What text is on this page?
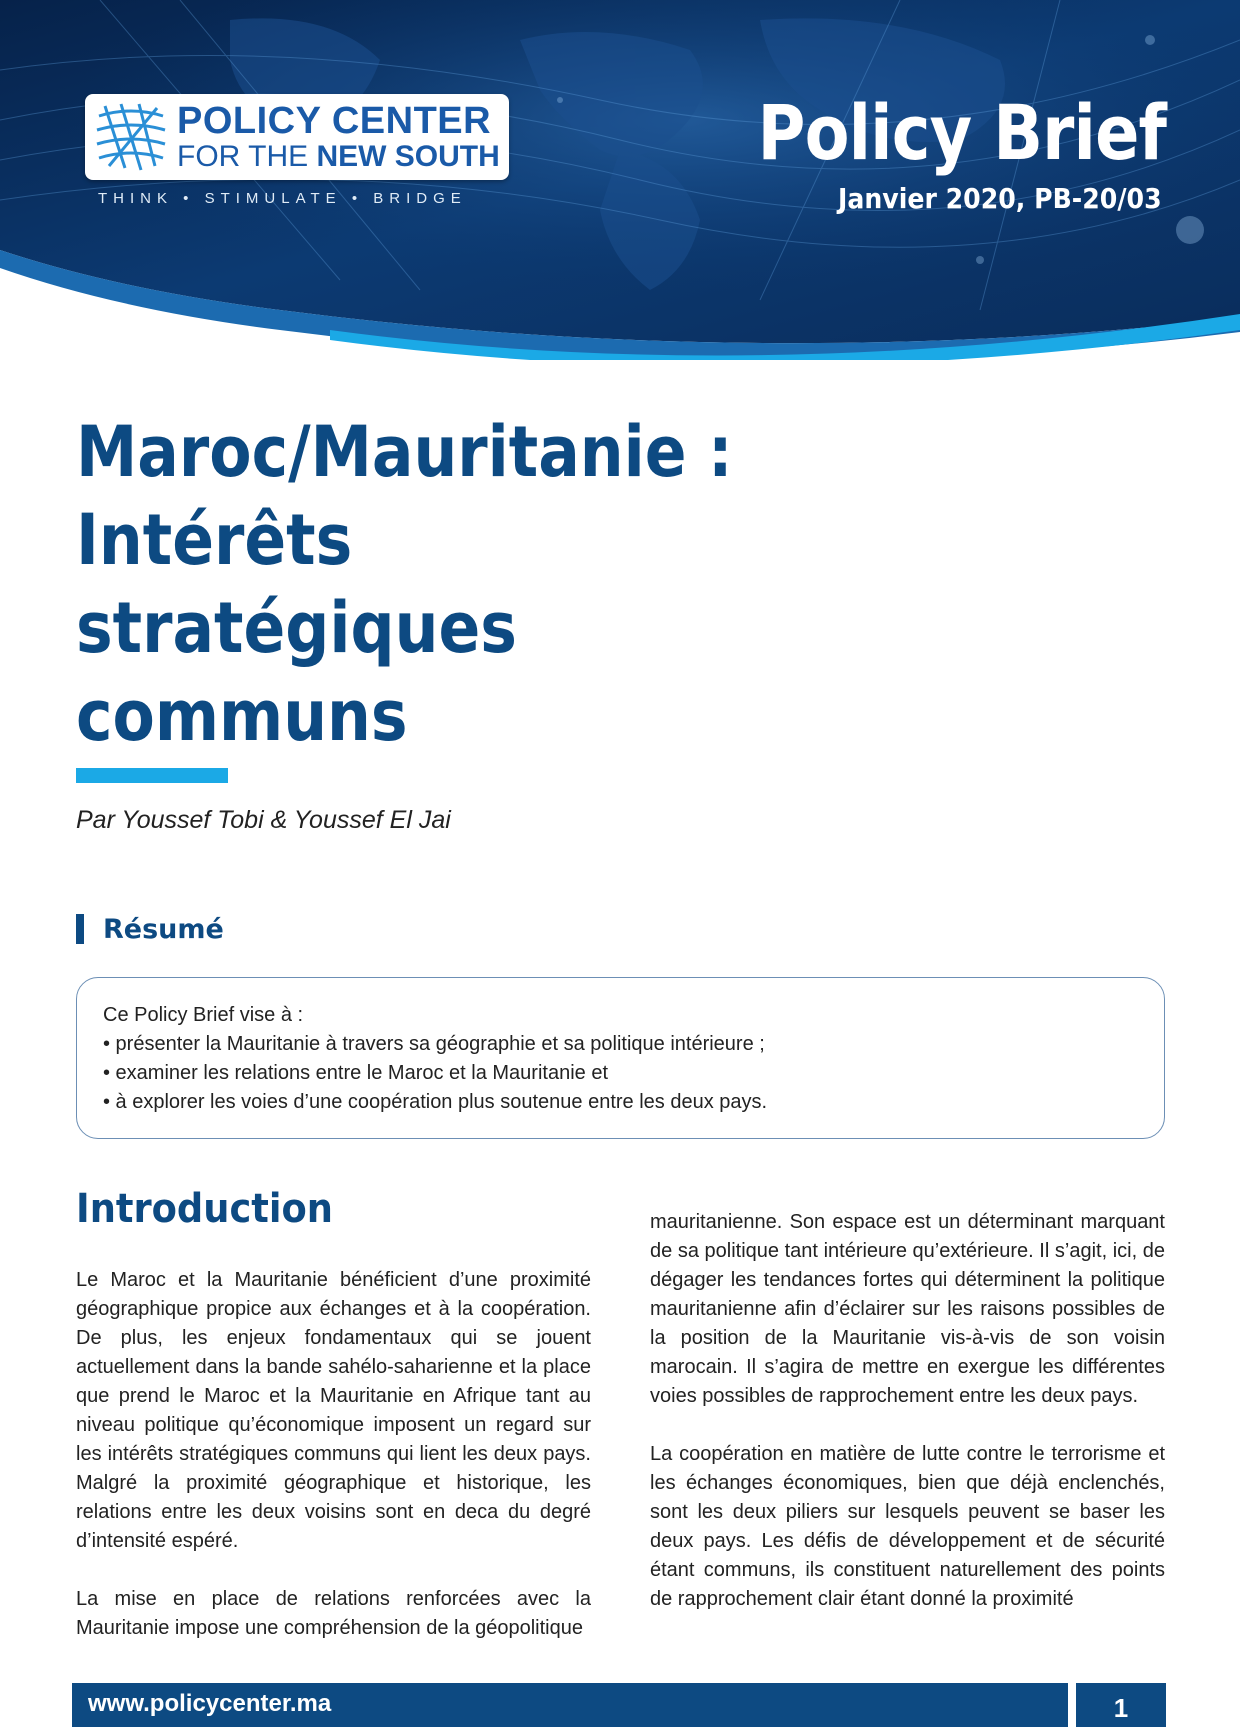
POLICY CENTER
FOR THE NEW SOUTH
THINK • STIMULATE • BRIDGE
Policy Brief
Janvier 2020, PB-20/03
Maroc/Mauritanie :
Intérêts stratégiques
communs
Par Youssef Tobi & Youssef El Jai
Résumé
Ce Policy Brief vise à :
• présenter la Mauritanie à travers sa géographie et sa politique intérieure ;
• examiner les relations entre le Maroc et la Mauritanie et
• à explorer les voies d’une coopération plus soutenue entre les deux pays.
Introduction

Le Maroc et la Mauritanie bénéficient d’une proximité géographique propice aux échanges et à la coopération. De plus, les enjeux fondamentaux qui se jouent actuellement dans la bande sahélo-saharienne et la place que prend le Maroc et la Mauritanie en Afrique tant au niveau politique qu’économique imposent un regard sur les intérêts stratégiques communs qui lient les deux pays. Malgré la proximité géographique et historique, les relations entre les deux voisins sont en deca du degré d’intensité espéré.

La mise en place de relations renforcées avec la Mauritanie impose une compréhension de la géopolitique

mauritanienne. Son espace est un déterminant marquant de sa politique tant intérieure qu’extérieure. Il s’agit, ici, de dégager les tendances fortes qui déterminent la politique mauritanienne afin d’éclairer sur les raisons possibles de la position de la Mauritanie vis-à-vis de son voisin marocain. Il s’agira de mettre en exergue les différentes voies possibles de rapprochement entre les deux pays.

La coopération en matière de lutte contre le terrorisme et les échanges économiques, bien que déjà enclenchés, sont les deux piliers sur lesquels peuvent se baser les deux pays. Les défis de développement et de sécurité étant communs, ils constituent naturellement des points de rapprochement clair étant donné la proximité

www.policycenter.ma	1
